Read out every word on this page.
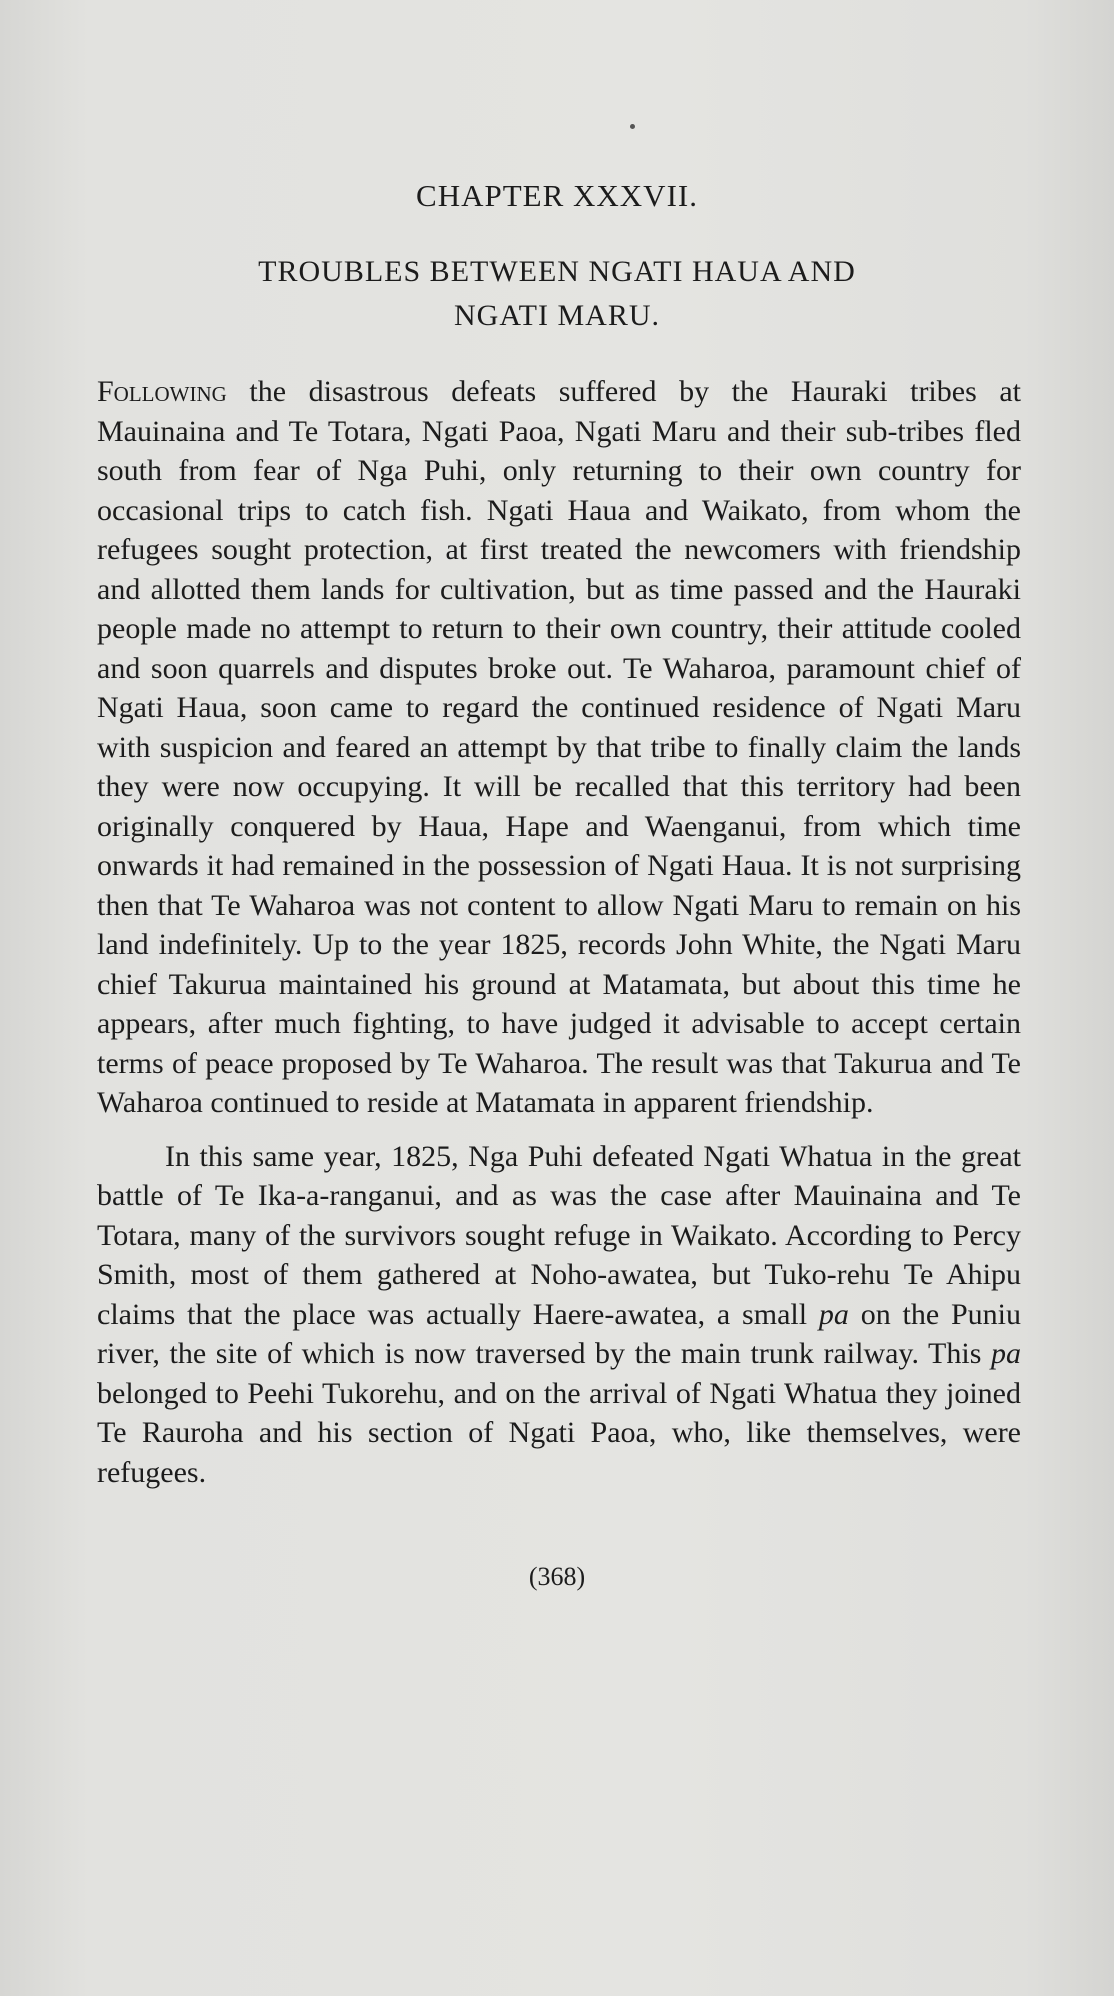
CHAPTER XXXVII.
TROUBLES BETWEEN NGATI HAUA AND
NGATI MARU.

Following the disastrous defeats suffered by the Hauraki tribes at Mauinaina and Te Totara, Ngati Paoa, Ngati Maru and their sub-tribes fled south from fear of Nga Puhi, only returning to their own country for occasional trips to catch fish. Ngati Haua and Waikato, from whom the refugees sought protection, at first treated the newcomers with friendship and allotted them lands for cultivation, but as time passed and the Hauraki people made no attempt to return to their own country, their attitude cooled and soon quarrels and disputes broke out. Te Waharoa, paramount chief of Ngati Haua, soon came to regard the continued residence of Ngati Maru with suspicion and feared an attempt by that tribe to finally claim the lands they were now occupying. It will be recalled that this territory had been originally conquered by Haua, Hape and Waenganui, from which time onwards it had remained in the possession of Ngati Haua. It is not surprising then that Te Waharoa was not content to allow Ngati Maru to remain on his land indefinitely. Up to the year 1825, records John White, the Ngati Maru chief Takurua maintained his ground at Matamata, but about this time he appears, after much fighting, to have judged it advisable to accept certain terms of peace proposed by Te Waharoa. The result was that Takurua and Te Waharoa continued to reside at Matamata in apparent friendship.

In this same year, 1825, Nga Puhi defeated Ngati Whatua in the great battle of Te Ika-a-ranganui, and as was the case after Mauinaina and Te Totara, many of the survivors sought refuge in Waikato. According to Percy Smith, most of them gathered at Noho-awatea, but Tuko-rehu Te Ahipu claims that the place was actually Haere-awatea, a small pa on the Puniu river, the site of which is now traversed by the main trunk railway. This pa belonged to Peehi Tukorehu, and on the arrival of Ngati Whatua they joined Te Rauroha and his section of Ngati Paoa, who, like themselves, were refugees.

(368)
